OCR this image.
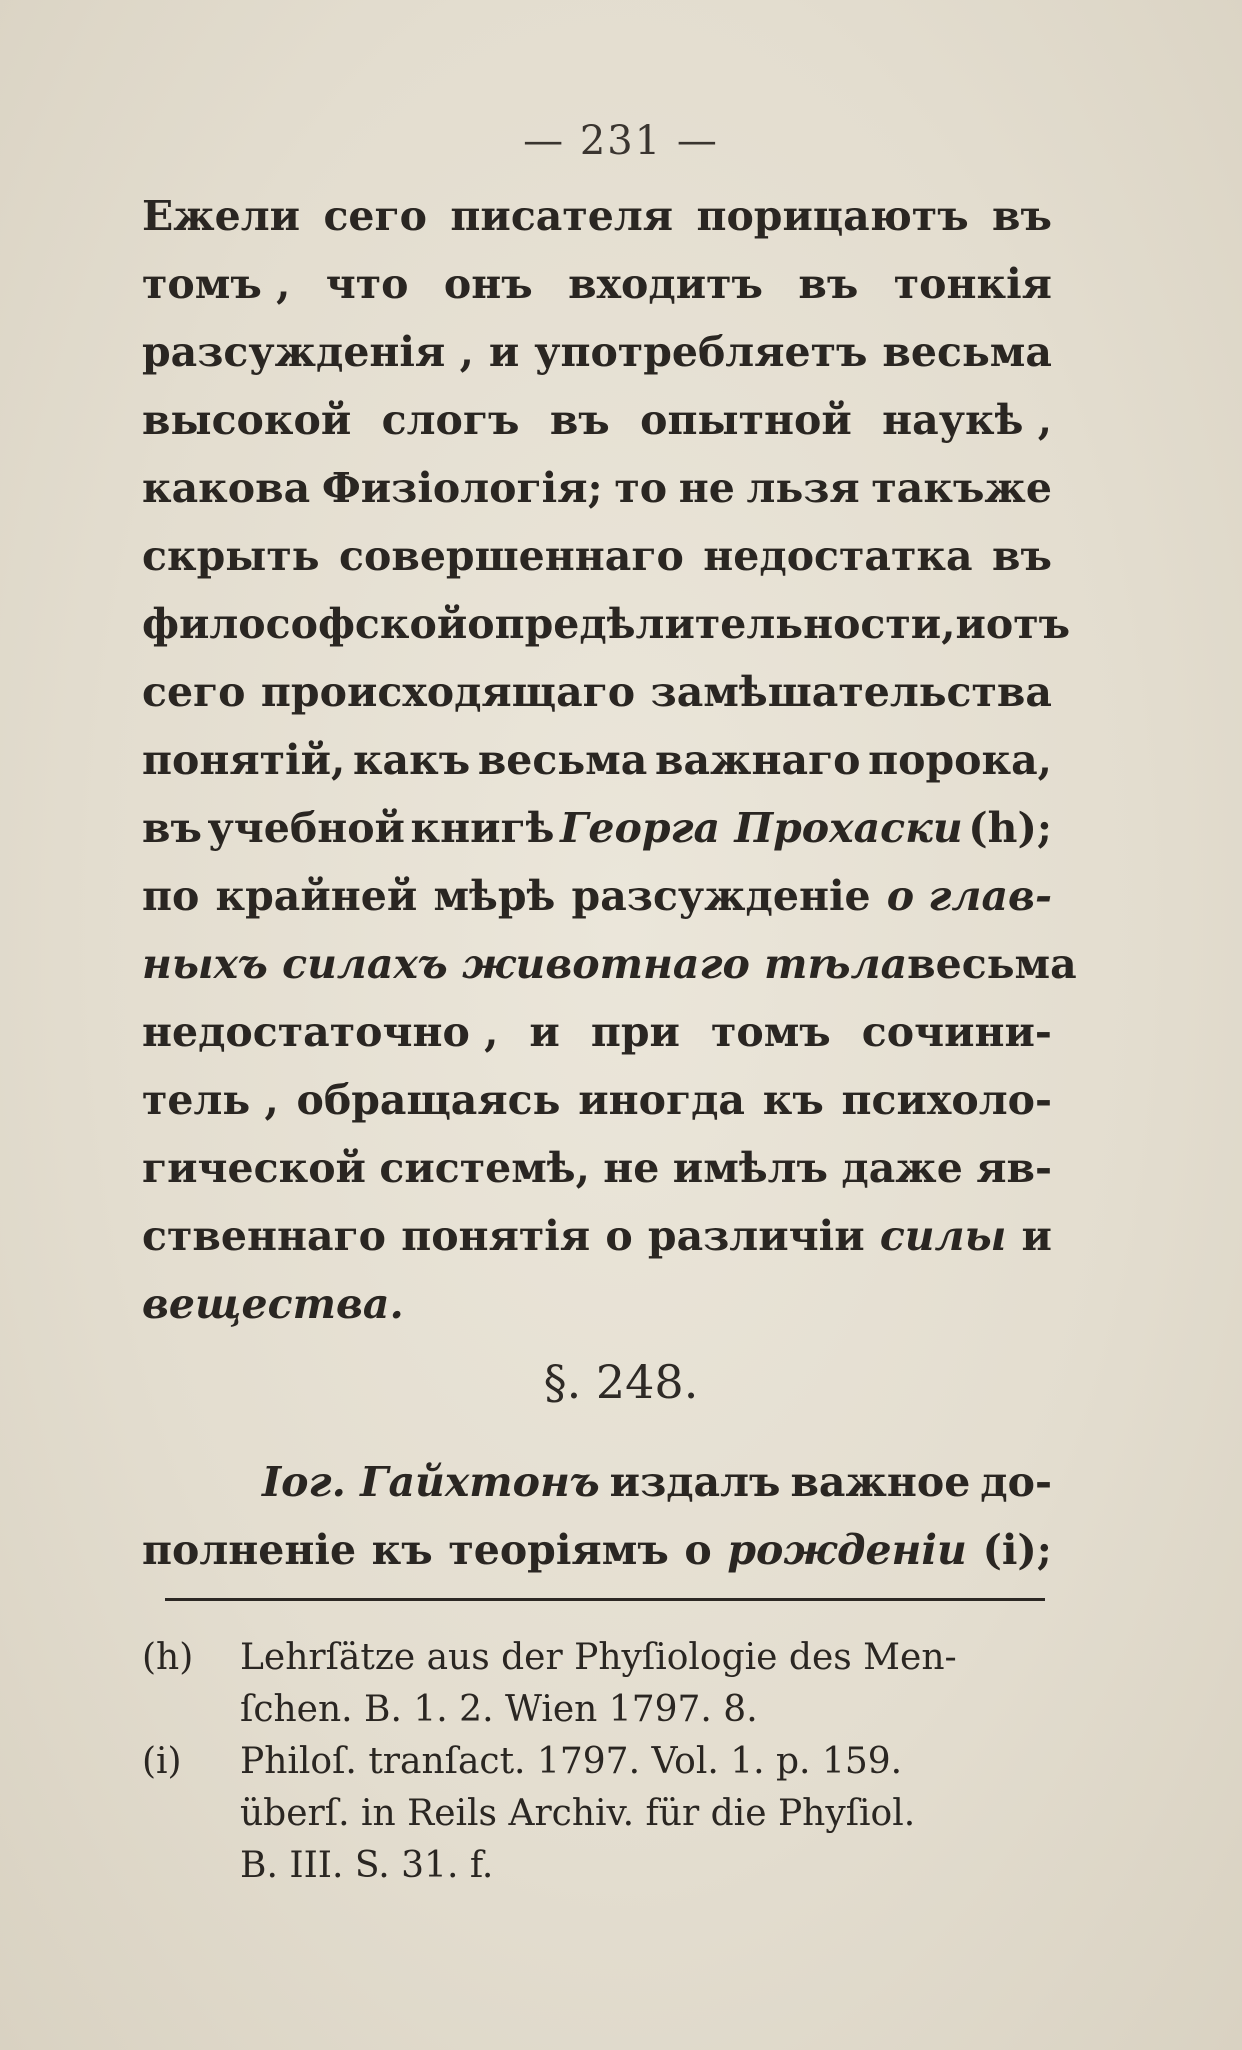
— 231 —
Ежели сего писателя порицаютъ въ
томъ , что онъ входитъ въ тонкія
разсужденія , и употребляетъ весьма
высокой слогъ въ опытной наукѣ ,
какова Физіологія; то не льзя такъже
скрыть совершеннаго недостатка въ
философской опредѣлительности, и отъ
сего происходящаго замѣшательства
понятій, какъ весьма важнаго порока,
въ учебной книгѣ Георга Прохаски (h);
по крайней мѣрѣ разсужденіе о глав-
ныхъ силахъ животнаго тѣла весьма
недостаточно , и при томъ сочини-
тель , обращаясь иногда къ психоло-
гической системѣ, не имѣлъ даже яв-
ственнаго понятія о различіи силы и
вещества.
§. 248.
Іог. Гайхтонъ издалъ важное до-
полненіе къ теоріямъ о рожденіи (i);
(h)	Lehrſätze aus der Phyſiologie des Men-
ſchen. B. 1. 2. Wien 1797. 8.
(i)	Philoſ. tranſact. 1797. Vol. 1. p. 159.
überſ. in Reils Archiv. für die Phyſiol.
B. III. S. 31. f.
